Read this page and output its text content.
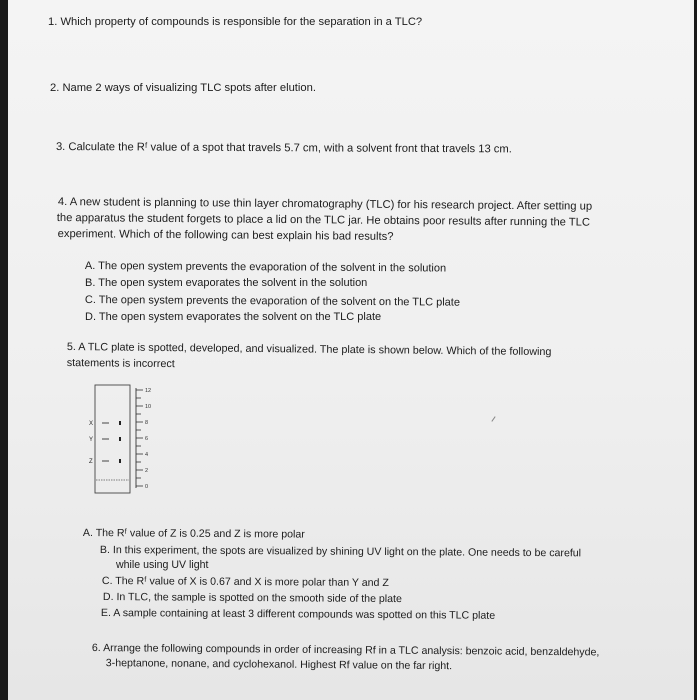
1. Which property of compounds is responsible for the separation in a TLC?
2. Name 2 ways of visualizing TLC spots after elution.
3. Calculate the Rᶠ value of a spot that travels 5.7 cm, with a solvent front that travels 13 cm.
4. A new student is planning to use thin layer chromatography (TLC) for his research project. After setting up
the apparatus the student forgets to place a lid on the TLC jar. He obtains poor results after running the TLC
experiment. Which of the following can best explain his bad results?
A. The open system prevents the evaporation of the solvent in the solution
B. The open system evaporates the solvent in the solution
C. The open system prevents the evaporation of the solvent on the TLC plate
D. The open system evaporates the solvent on the TLC plate
5. A TLC plate is spotted, developed, and visualized. The plate is shown below. Which of the following
statements is incorrect
12
10
8
6
4
2
0
X
Y
Z
A. The Rᶠ value of Z is 0.25 and Z is more polar
B. In this experiment, the spots are visualized by shining UV light on the plate. One needs to be careful
while using UV light
C. The Rᶠ value of X is 0.67 and X is more polar than Y and Z
D. In TLC, the sample is spotted on the smooth side of the plate
E. A sample containing at least 3 different compounds was spotted on this TLC plate
6. Arrange the following compounds in order of increasing Rf in a TLC analysis: benzoic acid, benzaldehyde,
3-heptanone, nonane, and cyclohexanol. Highest Rf value on the far right.
